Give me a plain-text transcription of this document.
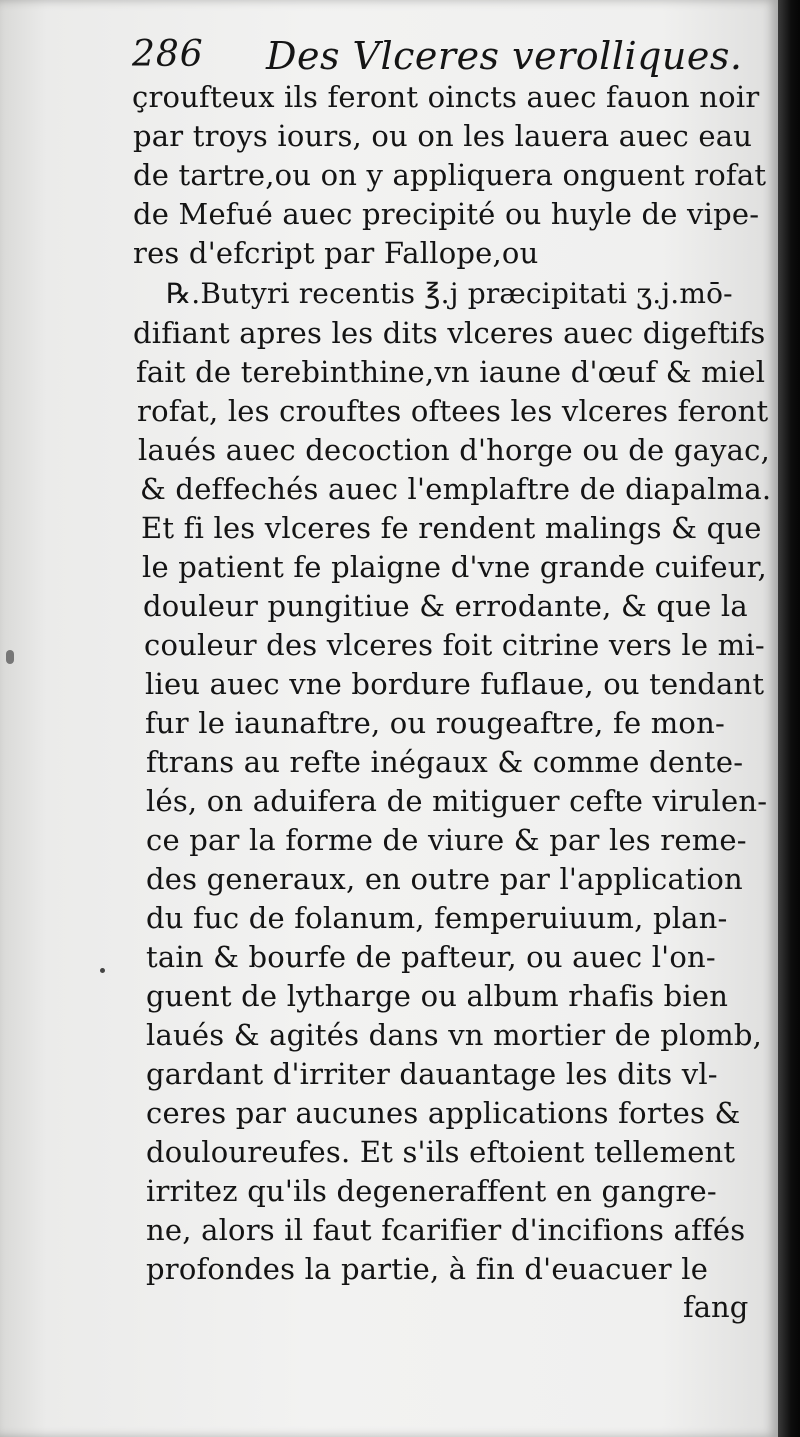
286 Des Vlceres verolliques.
çroufteux ils feront oincts auec fauon noir
par troys iours, ou on les lauera auec eau
de tartre,ou on y appliquera onguent rofat
de Mefué auec precipité ou huyle de vipe-
res d'efcript par Fallope,ou
℞.Butyri recentis ℥.j præcipitati ʒ.j.mō-
difiant apres les dits vlceres auec digeftifs
fait de terebinthine,vn iaune d'œuf & miel
rofat, les crouftes oftees les vlceres feront
laués auec decoction d'horge ou de gayac,
& deffechés auec l'emplaftre de diapalma.
Et fi les vlceres fe rendent malings & que
le patient fe plaigne d'vne grande cuifeur,
douleur pungitiue & errodante, & que la
couleur des vlceres foit citrine vers le mi-
lieu auec vne bordure fuflaue, ou tendant
fur le iaunaftre, ou rougeaftre, fe mon-
ftrans au refte inégaux & comme dente-
lés, on aduifera de mitiguer cefte virulen-
ce par la forme de viure & par les reme-
des generaux, en outre par l'application
du fuc de folanum, femperuiuum, plan-
tain & bourfe de pafteur, ou auec l'on-
guent de lytharge ou album rhafis bien
laués & agités dans vn mortier de plomb,
gardant d'irriter dauantage les dits vl-
ceres par aucunes applications fortes &
douloureufes. Et s'ils eftoient tellement
irritez qu'ils degeneraffent en gangre-
ne, alors il faut fcarifier d'incifions affés
profondes la partie, à fin d'euacuer le
fang
